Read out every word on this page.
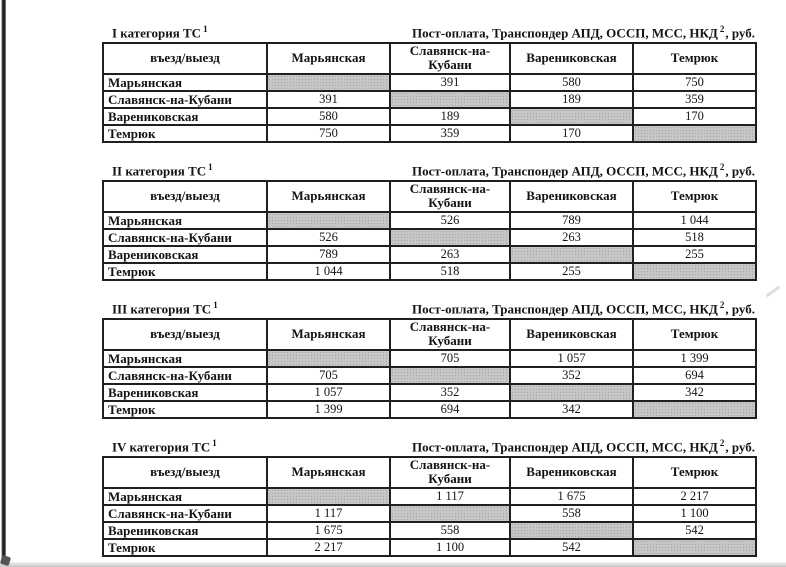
I категория ТС $^1$	Пост-оплата, Транспондер АПД, ОССП, МСС, НКД $^2$, руб.
въезд/выезд	Марьянская	Славянск-на-Кубани	Варениковская	Темрюк
Марьянская		391	580	750
Славянск-на-Кубани	391		189	359
Варениковская	580	189		170
Темрюк	750	359	170	
II категория ТС $^1$	Пост-оплата, Транспондер АПД, ОССП, МСС, НКД $^2$, руб.
въезд/выезд	Марьянская	Славянск-на-Кубани	Варениковская	Темрюк
Марьянская		526	789	1 044
Славянск-на-Кубани	526		263	518
Варениковская	789	263		255
Темрюк	1 044	518	255	
III категория ТС $^1$	Пост-оплата, Транспондер АПД, ОССП, МСС, НКД $^2$, руб.
въезд/выезд	Марьянская	Славянск-на-Кубани	Варениковская	Темрюк
Марьянская		705	1 057	1 399
Славянск-на-Кубани	705		352	694
Варениковская	1 057	352		342
Темрюк	1 399	694	342	
IV категория ТС $^1$	Пост-оплата, Транспондер АПД, ОССП, МСС, НКД $^2$, руб.
въезд/выезд	Марьянская	Славянск-на-Кубани	Варениковская	Темрюк
Марьянская		1 117	1 675	2 217
Славянск-на-Кубани	1 117		558	1 100
Варениковская	1 675	558		542
Темрюк	2 217	1 100	542	
